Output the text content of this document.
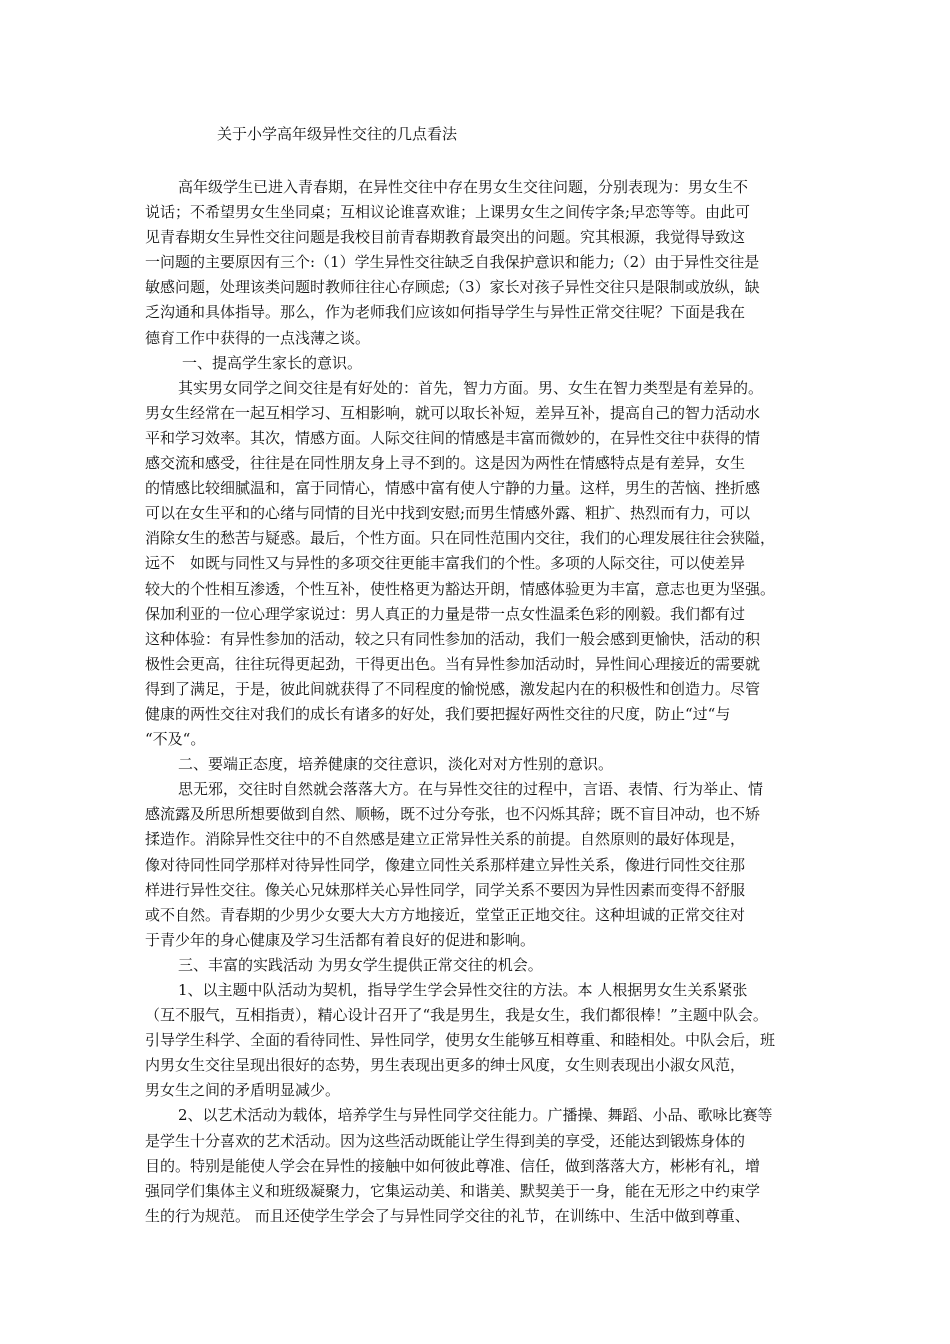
关于小学高年级异性交往的几点看法
高年级学生已进入青春期，在异性交往中存在男女生交往问题，分别表现为：男女生不
说话；不希望男女生坐同桌；互相议论谁喜欢谁；上课男女生之间传字条;早恋等等。由此可
见青春期女生异性交往问题是我校目前青春期教育最突出的问题。究其根源，我觉得导致这
一问题的主要原因有三个:（1）学生异性交往缺乏自我保护意识和能力;（2）由于异性交往是
敏感问题，处理该类问题时教师往往心存顾虑;（3）家长对孩子异性交往只是限制或放纵，缺
乏沟通和具体指导。那么，作为老师我们应该如何指导学生与异性正常交往呢？下面是我在
德育工作中获得的一点浅薄之谈。
一、提高学生家长的意识。
其实男女同学之间交往是有好处的：首先，智力方面。男、女生在智力类型是有差异的。
男女生经常在一起互相学习、互相影响，就可以取长补短，差异互补，提高自己的智力活动水
平和学习效率。其次，情感方面。人际交往间的情感是丰富而微妙的，在异性交往中获得的情
感交流和感受，往往是在同性朋友身上寻不到的。这是因为两性在情感特点是有差异，女生
的情感比较细腻温和，富于同情心，情感中富有使人宁静的力量。这样，男生的苦恼、挫折感
可以在女生平和的心绪与同情的目光中找到安慰;而男生情感外露、粗扩、热烈而有力，可以
消除女生的愁苦与疑惑。最后，个性方面。只在同性范围内交往，我们的心理发展往往会狭隘，
远不　如既与同性又与异性的多项交往更能丰富我们的个性。多项的人际交往，可以使差异
较大的个性相互渗透，个性互补，使性格更为豁达开朗，情感体验更为丰富，意志也更为坚强。
保加利亚的一位心理学家说过：男人真正的力量是带一点女性温柔色彩的刚毅。我们都有过
这种体验：有异性参加的活动，较之只有同性参加的活动，我们一般会感到更愉快，活动的积
极性会更高，往往玩得更起劲，干得更出色。当有异性参加活动时，异性间心理接近的需要就
得到了满足，于是，彼此间就获得了不同程度的愉悦感，激发起内在的积极性和创造力。尽管
健康的两性交往对我们的成长有诸多的好处，我们要把握好两性交往的尺度，防止“过“与
“不及“。
二、要端正态度，培养健康的交往意识，淡化对对方性别的意识。
思无邪，交往时自然就会落落大方。在与异性交往的过程中，言语、表情、行为举止、情
感流露及所思所想要做到自然、顺畅，既不过分夸张，也不闪烁其辞；既不盲目冲动，也不矫
揉造作。消除异性交往中的不自然感是建立正常异性关系的前提。自然原则的最好体现是，
像对待同性同学那样对待异性同学，像建立同性关系那样建立异性关系，像进行同性交往那
样进行异性交往。像关心兄妹那样关心异性同学，同学关系不要因为异性因素而变得不舒服
或不自然。青春期的少男少女要大大方方地接近，堂堂正正地交往。这种坦诚的正常交往对
于青少年的身心健康及学习生活都有着良好的促进和影响。
三、丰富的实践活动 为男女学生提供正常交往的机会。
1、以主题中队活动为契机，指导学生学会异性交往的方法。本 人根据男女生关系紧张
（互不服气，互相指责），精心设计召开了“我是男生，我是女生，我们都很棒！”主题中队会。
引导学生科学、全面的看待同性、异性同学，使男女生能够互相尊重、和睦相处。中队会后，班
内男女生交往呈现出很好的态势，男生表现出更多的绅士风度，女生则表现出小淑女风范，
男女生之间的矛盾明显减少。
2、以艺术活动为载体，培养学生与异性同学交往能力。广播操、舞蹈、小品、歌咏比赛等
是学生十分喜欢的艺术活动。因为这些活动既能让学生得到美的享受，还能达到锻炼身体的
目的。特别是能使人学会在异性的接触中如何彼此尊准、信任，做到落落大方，彬彬有礼，增
强同学们集体主义和班级凝聚力，它集运动美、和谐美、默契美于一身，能在无形之中约束学
生的行为规范。 而且还使学生学会了与异性同学交往的礼节，在训练中、生活中做到尊重、
